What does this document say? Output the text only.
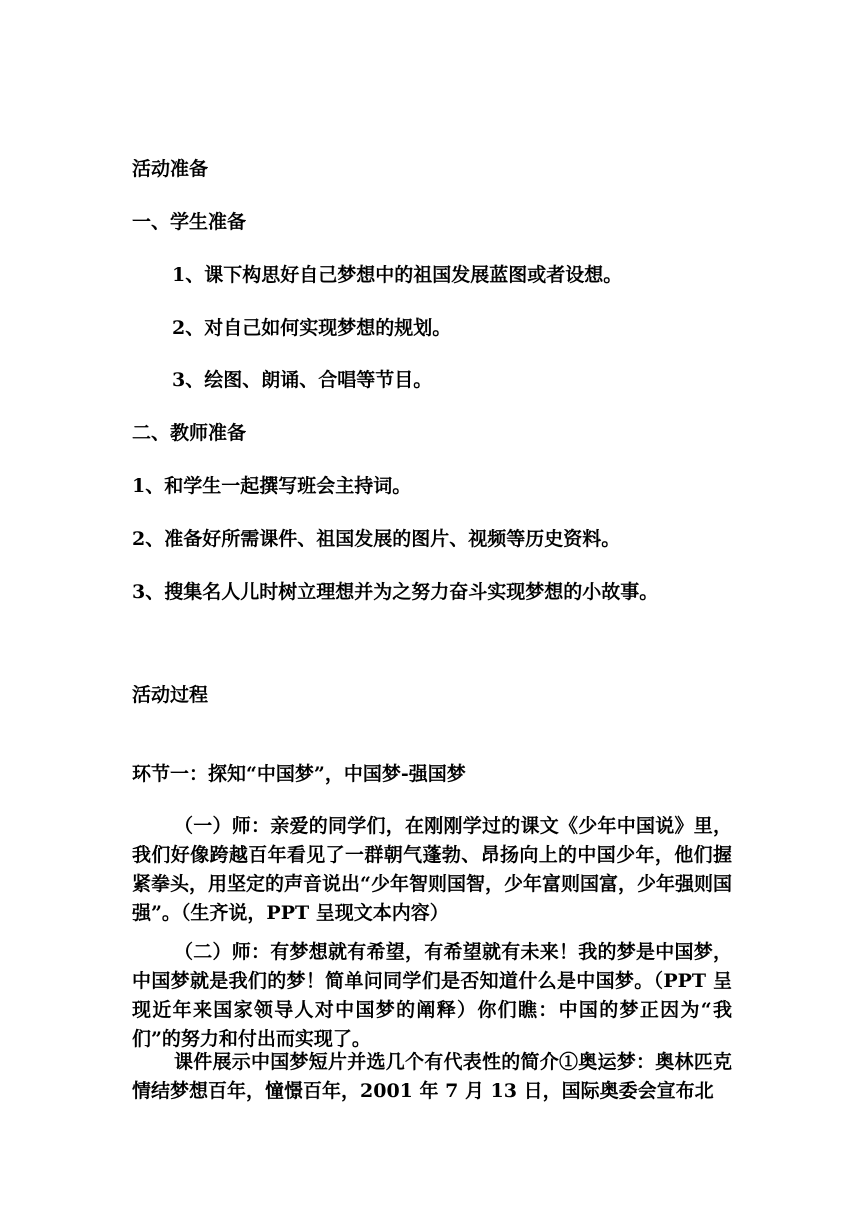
活动准备
一、学生准备
1、课下构思好自己梦想中的祖国发展蓝图或者设想。
2、对自己如何实现梦想的规划。
3、绘图、朗诵、合唱等节目。
二、教师准备
1、和学生一起撰写班会主持词。
2、准备好所需课件、祖国发展的图片、视频等历史资料。
3、搜集名人儿时树立理想并为之努力奋斗实现梦想的小故事。
活动过程
环节一：探知“中国梦”，中国梦-强国梦

（一）师：亲爱的同学们，在刚刚学过的课文《少年中国说》里，我们好像跨越百年看见了一群朝气蓬勃、昂扬向上的中国少年，他们握紧拳头，用坚定的声音说出“少年智则国智，少年富则国富，少年强则国强”。（生齐说，PPT 呈现文本内容）

（二）师：有梦想就有希望，有希望就有未来！我的梦是中国梦，中国梦就是我们的梦！简单问同学们是否知道什么是中国梦。（PPT 呈现近年来国家领导人对中国梦的阐释）你们瞧：中国的梦正因为“我们”的努力和付出而实现了。

课件展示中国梦短片并选几个有代表性的简介①奥运梦：奥林匹克情结梦想百年，憧憬百年，2001 年 7 月 13 日，国际奥委会宣布北
